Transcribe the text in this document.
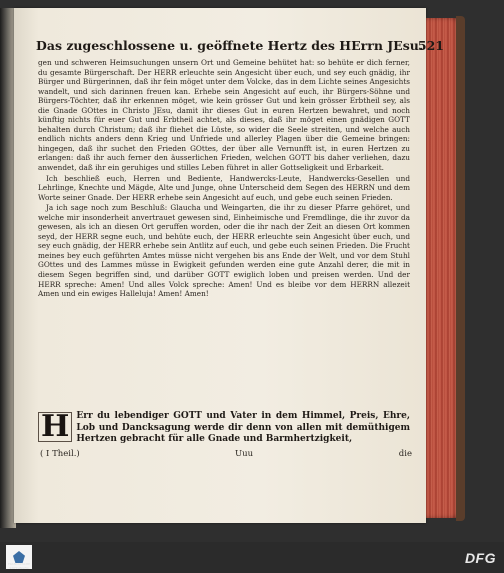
Das zugeschlossene u. geöffnete Hertz des HErrn JEsu.
521

gen und schweren Heimsuchungen unsern Ort und Gemeine behütet hat: so behüte er dich ferner, du gesamte Bürgerschaft. Der HERR erleuchte sein Angesicht über euch, und sey euch gnädig, ihr Bürger und Bürgerinnen, daß ihr fein möget unter dem Volcke, das in dem Lichte seines Angesichts wandelt, und sich darinnen freuen kan. Erhebe sein Angesicht auf euch, ihr Bürgers-Söhne und Bürgers-Töchter, daß ihr erkennen möget, wie kein grösser Gut und kein grösser Erbtheil sey, als die Gnade GOttes in Christo JEsu, damit ihr dieses Gut in euren Hertzen bewahret, und noch künftig nichts für euer Gut und Erbtheil achtet, als dieses, daß ihr möget einen gnädigen GOTT behalten durch Christum; daß ihr fliehet die Lüste, so wider die Seele streiten, und welche auch endlich nichts anders denn Krieg und Unfriede und allerley Plagen über die Gemeine bringen: hingegen, daß ihr suchet den Frieden GOttes, der über alle Vernunfft ist, in euren Hertzen zu erlangen: daß ihr auch ferner den äusserlichen Frieden, welchen GOTT bis daher verliehen, dazu anwendet, daß ihr ein geruhiges und stilles Leben führet in aller Gottseligkeit und Erbarkeit.

Ich beschließ euch, Herren und Bediente, Handwercks-Leute, Handwercks-Gesellen und Lehrlinge, Knechte und Mägde, Alte und Junge, ohne Unterscheid dem Segen des HERRN und dem Worte seiner Gnade. Der HERR erhebe sein Angesicht auf euch, und gebe euch seinen Frieden.

Ja ich sage noch zum Beschluß: Glaucha und Weingarten, die ihr zu dieser Pfarre gehöret, und welche mir insonderheit anvertrauet gewesen sind, Einheimische und Fremdlinge, die ihr zuvor da gewesen, als ich an diesen Ort geruffen worden, oder die ihr nach der Zeit an diesen Ort kommen seyd, der HERR segne euch, und behüte euch, der HERR erleuchte sein Angesicht über euch, und sey euch gnädig, der HERR erhebe sein Antlitz auf euch, und gebe euch seinen Frieden. Die Frucht meines bey euch geführten Amtes müsse nicht vergehen bis ans Ende der Welt, und vor dem Stuhl GOttes und des Lammes müsse in Ewigkeit gefunden werden eine gute Anzahl derer, die mit in diesem Segen begriffen sind, und darüber GOTT ewiglich loben und preisen werden. Und der HERR spreche: Amen! Und alles Volck spreche: Amen! Und es bleibe vor dem HERRN allezeit Amen und ein ewiges Halleluja! Amen! Amen!

H Err du lebendiger GOTT und Vater in dem Himmel, Preis, Ehre, Lob und Dancksagung werde dir denn von allen mit demüthigem Hertzen gebracht für alle Gnade und Barmhertzigkeit,
( I Theil.)	Uuu	die
FRANCKESCHE STIFTUNGEN
DFG
